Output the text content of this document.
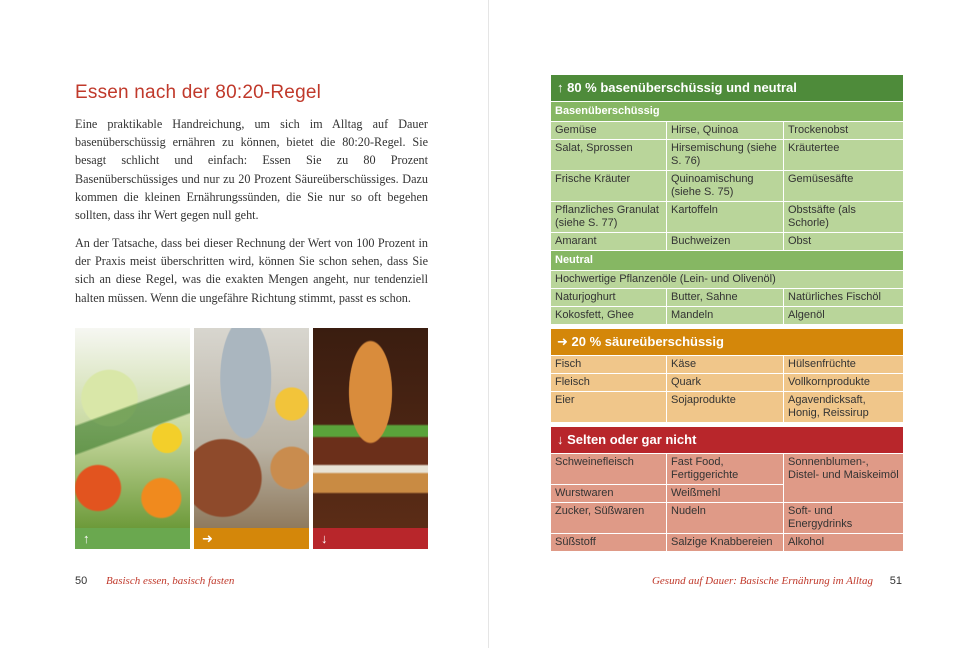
Essen nach der 80:20-Regel

Eine praktikable Handreichung, um sich im Alltag auf Dauer basenüberschüssig ernähren zu können, bietet die 80:20-Regel. Sie besagt schlicht und einfach: Essen Sie zu 80 Prozent Basenüberschüssiges und nur zu 20 Prozent Säureüberschüssiges. Dazu kommen die kleinen Ernährungssünden, die Sie nur so oft begehen sollten, dass ihr Wert gegen null geht.

An der Tatsache, dass bei dieser Rechnung der Wert von 100 Prozent in der Praxis meist überschritten wird, können Sie schon sehen, dass Sie sich an diese Regel, was die exakten Mengen angeht, nur tendenziell halten müssen. Wenn die ungefähre Richtung stimmt, passt es schon.

↑	➜	↓
50 Basisch essen, basisch fasten	Gesund auf Dauer: Basische Ernährung im Alltag 51
↑ 80 % basenüberschüssig und neutral		
Basenüberschüssig		
Gemüse	Hirse, Quinoa	Trockenobst
Salat, Sprossen	Hirsemischung (siehe S. 76)	Kräutertee
Frische Kräuter	Quinoamischung (siehe S. 75)	Gemüsesäfte
Pflanzliches Granulat (siehe S. 77)	Kartoffeln	Obstsäfte (als Schorle)
Amarant	Buchweizen	Obst
Neutral		
Hochwertige Pflanzenöle (Lein- und Olivenöl)		
Naturjoghurt	Butter, Sahne	Natürliches Fischöl
Kokosfett, Ghee	Mandeln	Algenöl
➜ 20 % säureüberschüssig		
Fisch	Käse	Hülsenfrüchte
Fleisch	Quark	Vollkornprodukte
Eier	Sojaprodukte	Agavendicksaft, Honig, Reissirup
↓ Selten oder gar nicht		
Schweinefleisch	Fast Food, Fertiggerichte	Sonnenblumen-, Distel- und Maiskeimöl
Wurstwaren	Weißmehl	
Zucker, Süßwaren	Nudeln	Soft- und Energydrinks
Süßstoff	Salzige Knabbereien	Alkohol
